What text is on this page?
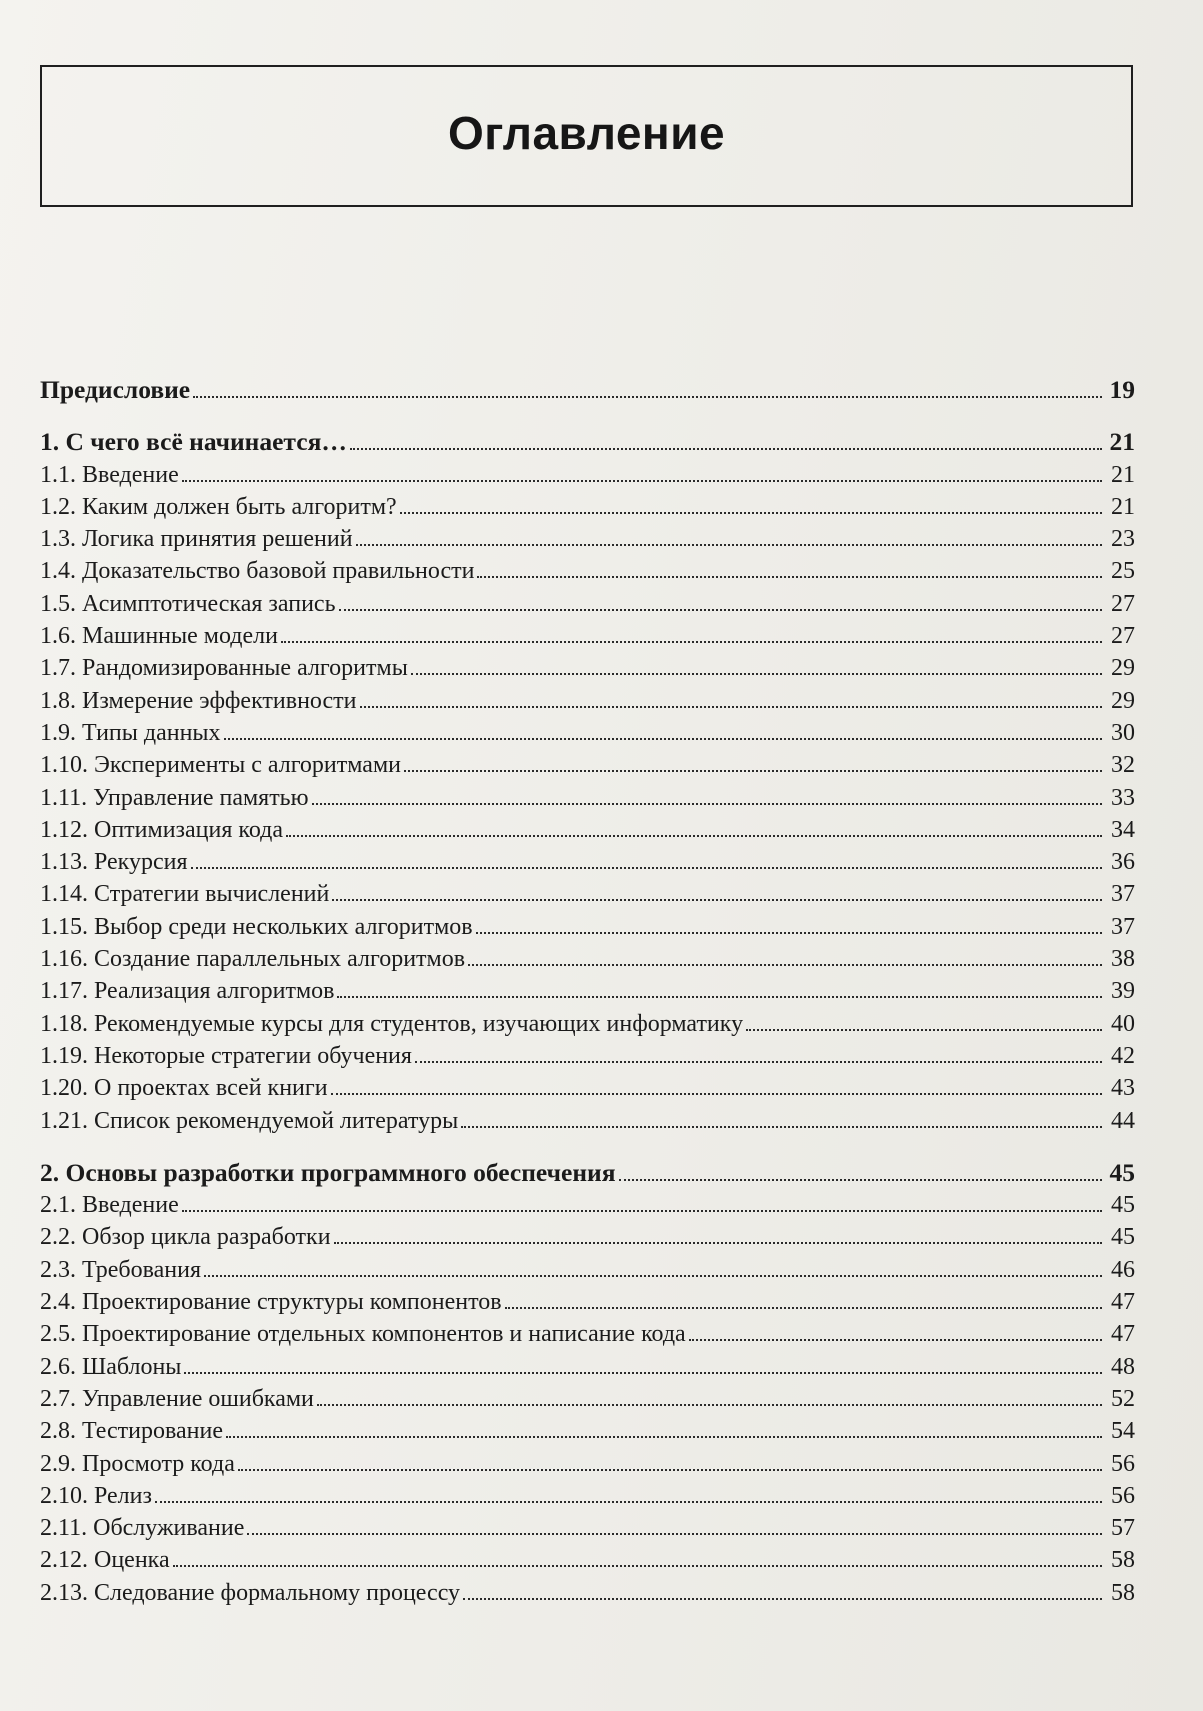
Оглавление
Предисловие	19
1. С чего всё начинается…	21
1.1. Введение	21
1.2. Каким должен быть алгоритм?	21
1.3. Логика принятия решений	23
1.4. Доказательство базовой правильности	25
1.5. Асимптотическая запись	27
1.6. Машинные модели	27
1.7. Рандомизированные алгоритмы	29
1.8. Измерение эффективности	29
1.9. Типы данных	30
1.10. Эксперименты с алгоритмами	32
1.11. Управление памятью	33
1.12. Оптимизация кода	34
1.13. Рекурсия	36
1.14. Стратегии вычислений	37
1.15. Выбор среди нескольких алгоритмов	37
1.16. Создание параллельных алгоритмов	38
1.17. Реализация алгоритмов	39
1.18. Рекомендуемые курсы для студентов, изучающих информатику	40
1.19. Некоторые стратегии обучения	42
1.20. О проектах всей книги	43
1.21. Список рекомендуемой литературы	44
2. Основы разработки программного обеспечения	45
2.1. Введение	45
2.2. Обзор цикла разработки	45
2.3. Требования	46
2.4. Проектирование структуры компонентов	47
2.5. Проектирование отдельных компонентов и написание кода	47
2.6. Шаблоны	48
2.7. Управление ошибками	52
2.8. Тестирование	54
2.9. Просмотр кода	56
2.10. Релиз	56
2.11. Обслуживание	57
2.12. Оценка	58
2.13. Следование формальному процессу	58
